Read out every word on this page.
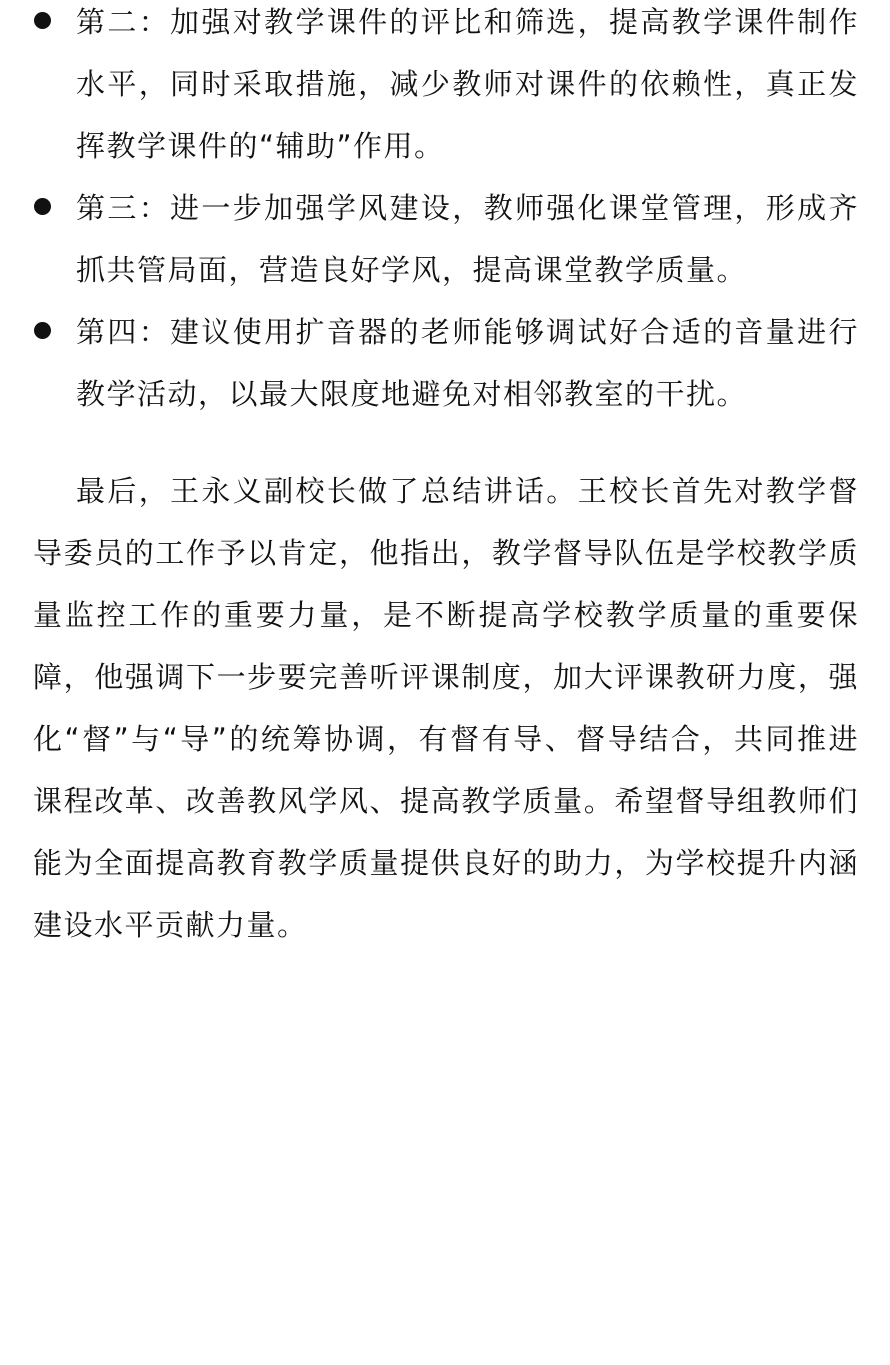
第二：加强对教学课件的评比和筛选，提高教学课件制作水平，同时采取措施，减少教师对课件的依赖性，真正发挥教学课件的“辅助”作用。
第三：进一步加强学风建设，教师强化课堂管理，形成齐抓共管局面，营造良好学风，提高课堂教学质量。
第四：建议使用扩音器的老师能够调试好合适的音量进行教学活动，以最大限度地避免对相邻教室的干扰。

最后，王永义副校长做了总结讲话。王校长首先对教学督导委员的工作予以肯定，他指出，教学督导队伍是学校教学质量监控工作的重要力量，是不断提高学校教学质量的重要保障，他强调下一步要完善听评课制度，加大评课教研力度，强化“督”与“导”的统筹协调，有督有导、督导结合，共同推进课程改革、改善教风学风、提高教学质量。希望督导组教师们能为全面提高教育教学质量提供良好的助力，为学校提升内涵建设水平贡献力量。
